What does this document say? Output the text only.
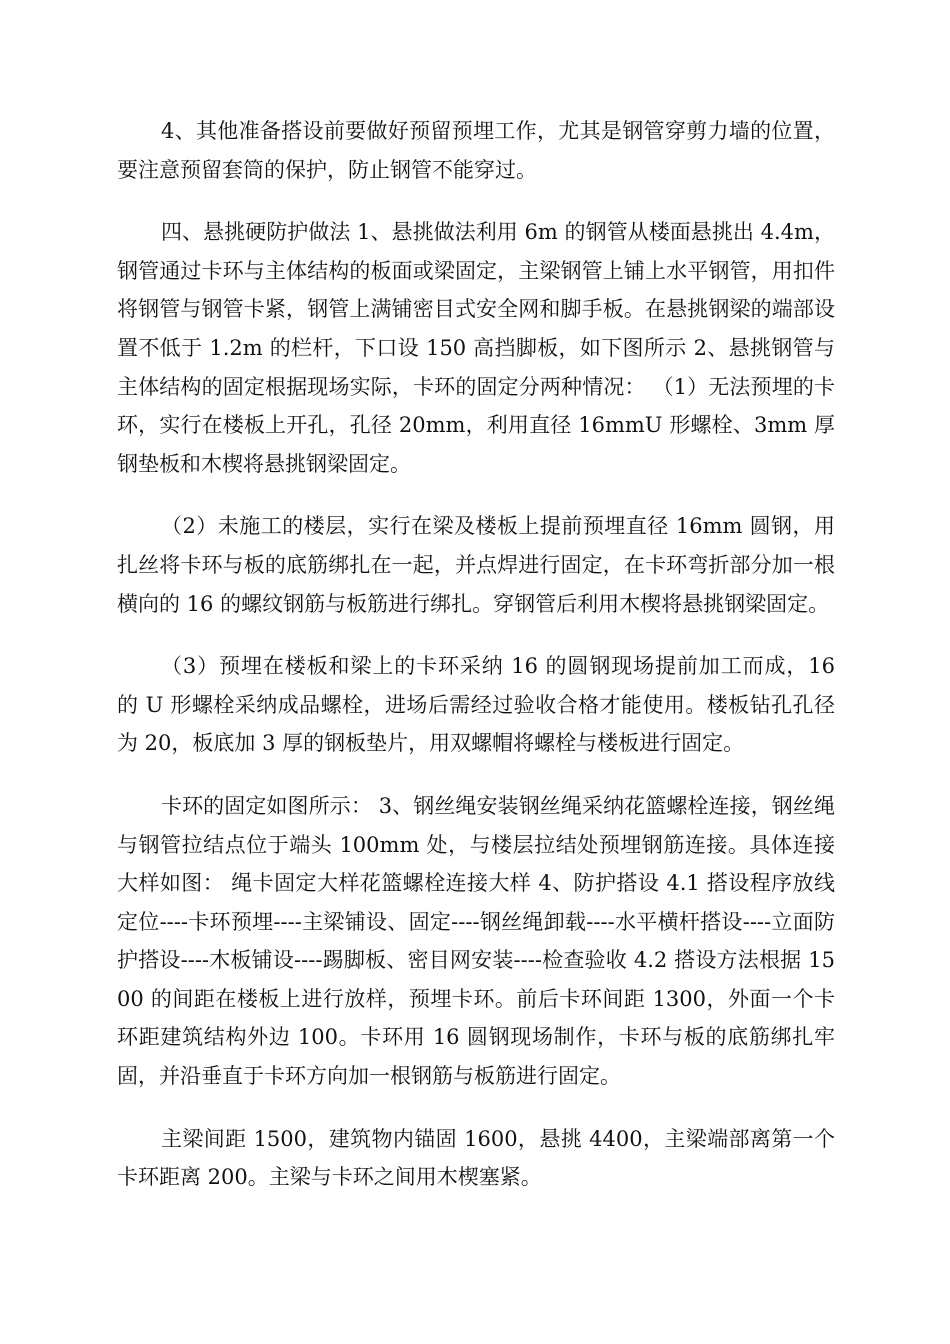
4、其他准备搭设前要做好预留预埋工作，尤其是钢管穿剪力墙的位置，要注意预留套筒的保护，防止钢管不能穿过。

四、悬挑硬防护做法 1、悬挑做法利用 6m 的钢管从楼面悬挑出 4.4m，钢管通过卡环与主体结构的板面或梁固定，主梁钢管上铺上水平钢管，用扣件将钢管与钢管卡紧，钢管上满铺密目式安全网和脚手板。在悬挑钢梁的端部设置不低于 1.2m 的栏杆，下口设 150 高挡脚板，如下图所示 2、悬挑钢管与主体结构的固定根据现场实际，卡环的固定分两种情况： （1）无法预埋的卡环，实行在楼板上开孔，孔径 20mm，利用直径 16mmU 形螺栓、3mm 厚钢垫板和木楔将悬挑钢梁固定。

（2）未施工的楼层，实行在梁及楼板上提前预埋直径 16mm 圆钢，用扎丝将卡环与板的底筋绑扎在一起，并点焊进行固定，在卡环弯折部分加一根横向的 16 的螺纹钢筋与板筋进行绑扎。穿钢管后利用木楔将悬挑钢梁固定。

（3）预埋在楼板和梁上的卡环采纳 16 的圆钢现场提前加工而成，16 的 U 形螺栓采纳成品螺栓，进场后需经过验收合格才能使用。楼板钻孔孔径为 20，板底加 3 厚的钢板垫片，用双螺帽将螺栓与楼板进行固定。

卡环的固定如图所示： 3、钢丝绳安装钢丝绳采纳花篮螺栓连接，钢丝绳与钢管拉结点位于端头 100mm 处，与楼层拉结处预埋钢筋连接。具体连接大样如图： 绳卡固定大样花篮螺栓连接大样 4、防护搭设 4.1 搭设程序放线定位----卡环预埋----主梁铺设、固定----钢丝绳卸载----水平横杆搭设----立面防护搭设----木板铺设----踢脚板、密目网安装----检查验收 4.2 搭设方法根据 1500 的间距在楼板上进行放样，预埋卡环。前后卡环间距 1300，外面一个卡环距建筑结构外边 100。卡环用 16 圆钢现场制作，卡环与板的底筋绑扎牢固，并沿垂直于卡环方向加一根钢筋与板筋进行固定。

主梁间距 1500，建筑物内锚固 1600，悬挑 4400，主梁端部离第一个卡环距离 200。主梁与卡环之间用木楔塞紧。
